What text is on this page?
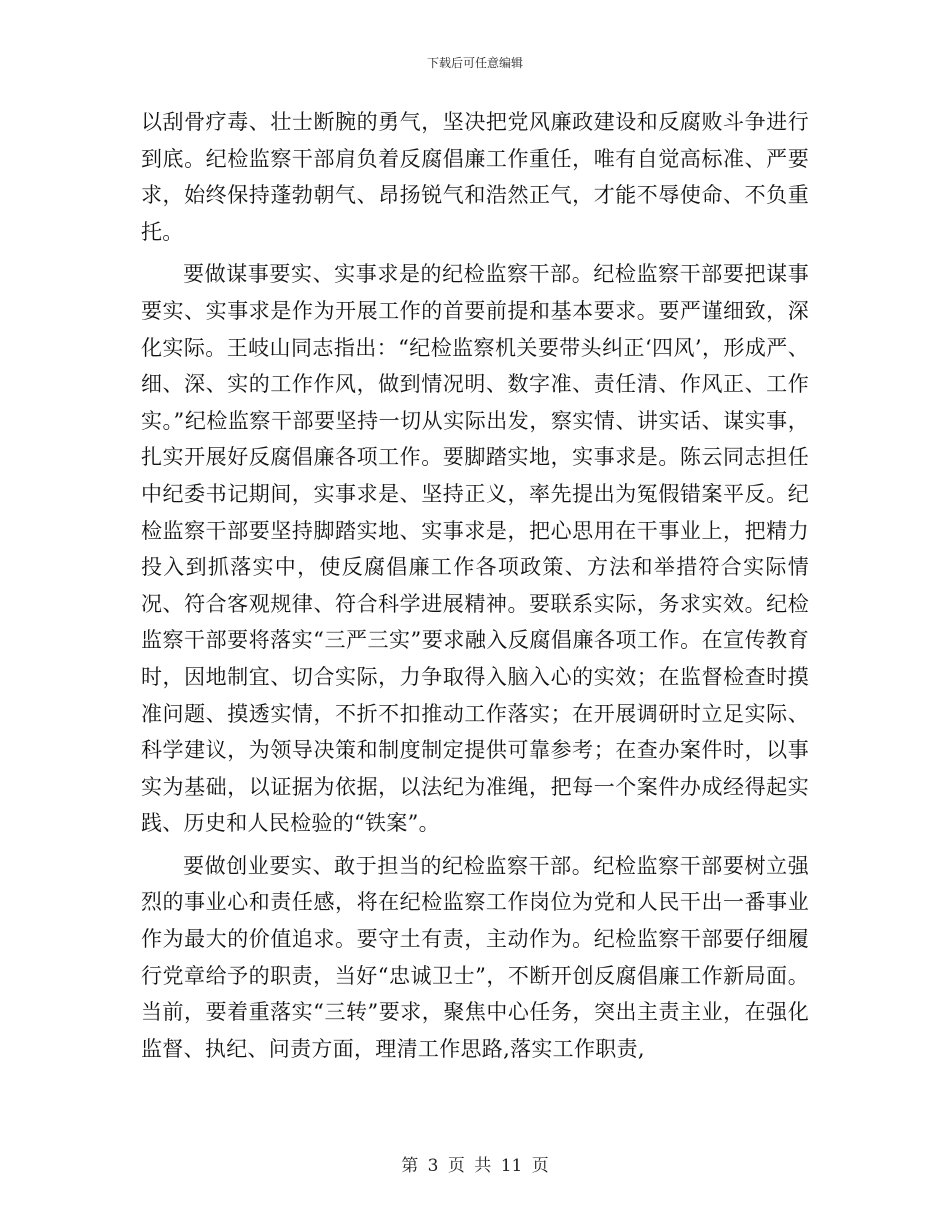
下载后可任意编辑

以刮骨疗毒、壮士断腕的勇气，坚决把党风廉政建设和反腐败斗争进行到底。纪检监察干部肩负着反腐倡廉工作重任，唯有自觉高标准、严要求，始终保持蓬勃朝气、昂扬锐气和浩然正气，才能不辱使命、不负重托。

要做谋事要实、实事求是的纪检监察干部。纪检监察干部要把谋事要实、实事求是作为开展工作的首要前提和基本要求。要严谨细致，深化实际。王岐山同志指出：“纪检监察机关要带头纠正‘四风’，形成严、细、深、实的工作作风，做到情况明、数字准、责任清、作风正、工作实。”纪检监察干部要坚持一切从实际出发，察实情、讲实话、谋实事，扎实开展好反腐倡廉各项工作。要脚踏实地，实事求是。陈云同志担任中纪委书记期间，实事求是、坚持正义，率先提出为冤假错案平反。纪检监察干部要坚持脚踏实地、实事求是，把心思用在干事业上，把精力投入到抓落实中，使反腐倡廉工作各项政策、方法和举措符合实际情况、符合客观规律、符合科学进展精神。要联系实际，务求实效。纪检监察干部要将落实“三严三实”要求融入反腐倡廉各项工作。在宣传教育时，因地制宜、切合实际，力争取得入脑入心的实效；在监督检查时摸准问题、摸透实情，不折不扣推动工作落实；在开展调研时立足实际、科学建议，为领导决策和制度制定提供可靠参考；在查办案件时，以事实为基础，以证据为依据，以法纪为准绳，把每一个案件办成经得起实践、历史和人民检验的“铁案”。

要做创业要实、敢于担当的纪检监察干部。纪检监察干部要树立强烈的事业心和责任感，将在纪检监察工作岗位为党和人民干出一番事业作为最大的价值追求。要守土有责，主动作为。纪检监察干部要仔细履行党章给予的职责，当好“忠诚卫士”，不断开创反腐倡廉工作新局面。当前，要着重落实“三转”要求，聚焦中心任务，突出主责主业，在强化监督、执纪、问责方面，理清工作思路,落实工作职责,

第 3 页 共 11 页
